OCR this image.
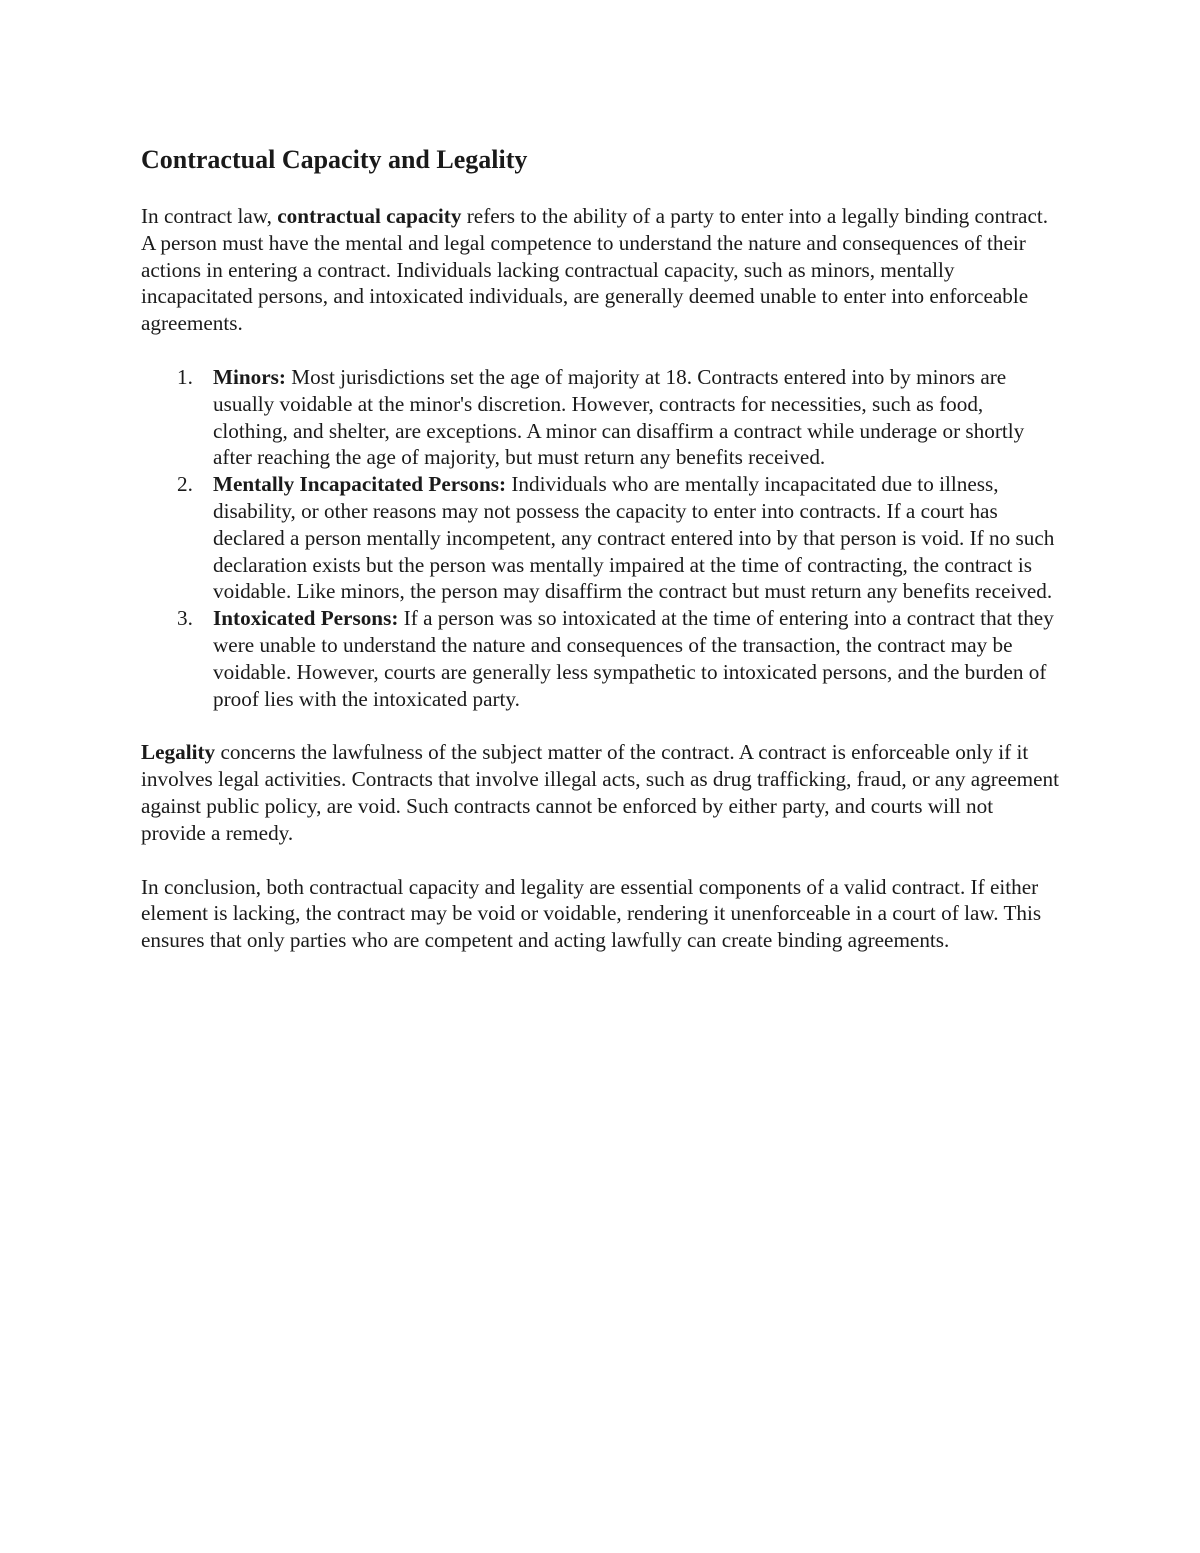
Contractual Capacity and Legality

In contract law, contractual capacity refers to the ability of a party to enter into a legally binding contract. A person must have the mental and legal competence to understand the nature and consequences of their actions in entering a contract. Individuals lacking contractual capacity, such as minors, mentally incapacitated persons, and intoxicated individuals, are generally deemed unable to enter into enforceable agreements.

1. Minors: Most jurisdictions set the age of majority at 18. Contracts entered into by minors are usually voidable at the minor's discretion. However, contracts for necessities, such as food, clothing, and shelter, are exceptions. A minor can disaffirm a contract while underage or shortly after reaching the age of majority, but must return any benefits received.
2. Mentally Incapacitated Persons: Individuals who are mentally incapacitated due to illness, disability, or other reasons may not possess the capacity to enter into contracts. If a court has declared a person mentally incompetent, any contract entered into by that person is void. If no such declaration exists but the person was mentally impaired at the time of contracting, the contract is voidable. Like minors, the person may disaffirm the contract but must return any benefits received.
3. Intoxicated Persons: If a person was so intoxicated at the time of entering into a contract that they were unable to understand the nature and consequences of the transaction, the contract may be voidable. However, courts are generally less sympathetic to intoxicated persons, and the burden of proof lies with the intoxicated party.

Legality concerns the lawfulness of the subject matter of the contract. A contract is enforceable only if it involves legal activities. Contracts that involve illegal acts, such as drug trafficking, fraud, or any agreement against public policy, are void. Such contracts cannot be enforced by either party, and courts will not provide a remedy.

In conclusion, both contractual capacity and legality are essential components of a valid contract. If either element is lacking, the contract may be void or voidable, rendering it unenforceable in a court of law. This ensures that only parties who are competent and acting lawfully can create binding agreements.
